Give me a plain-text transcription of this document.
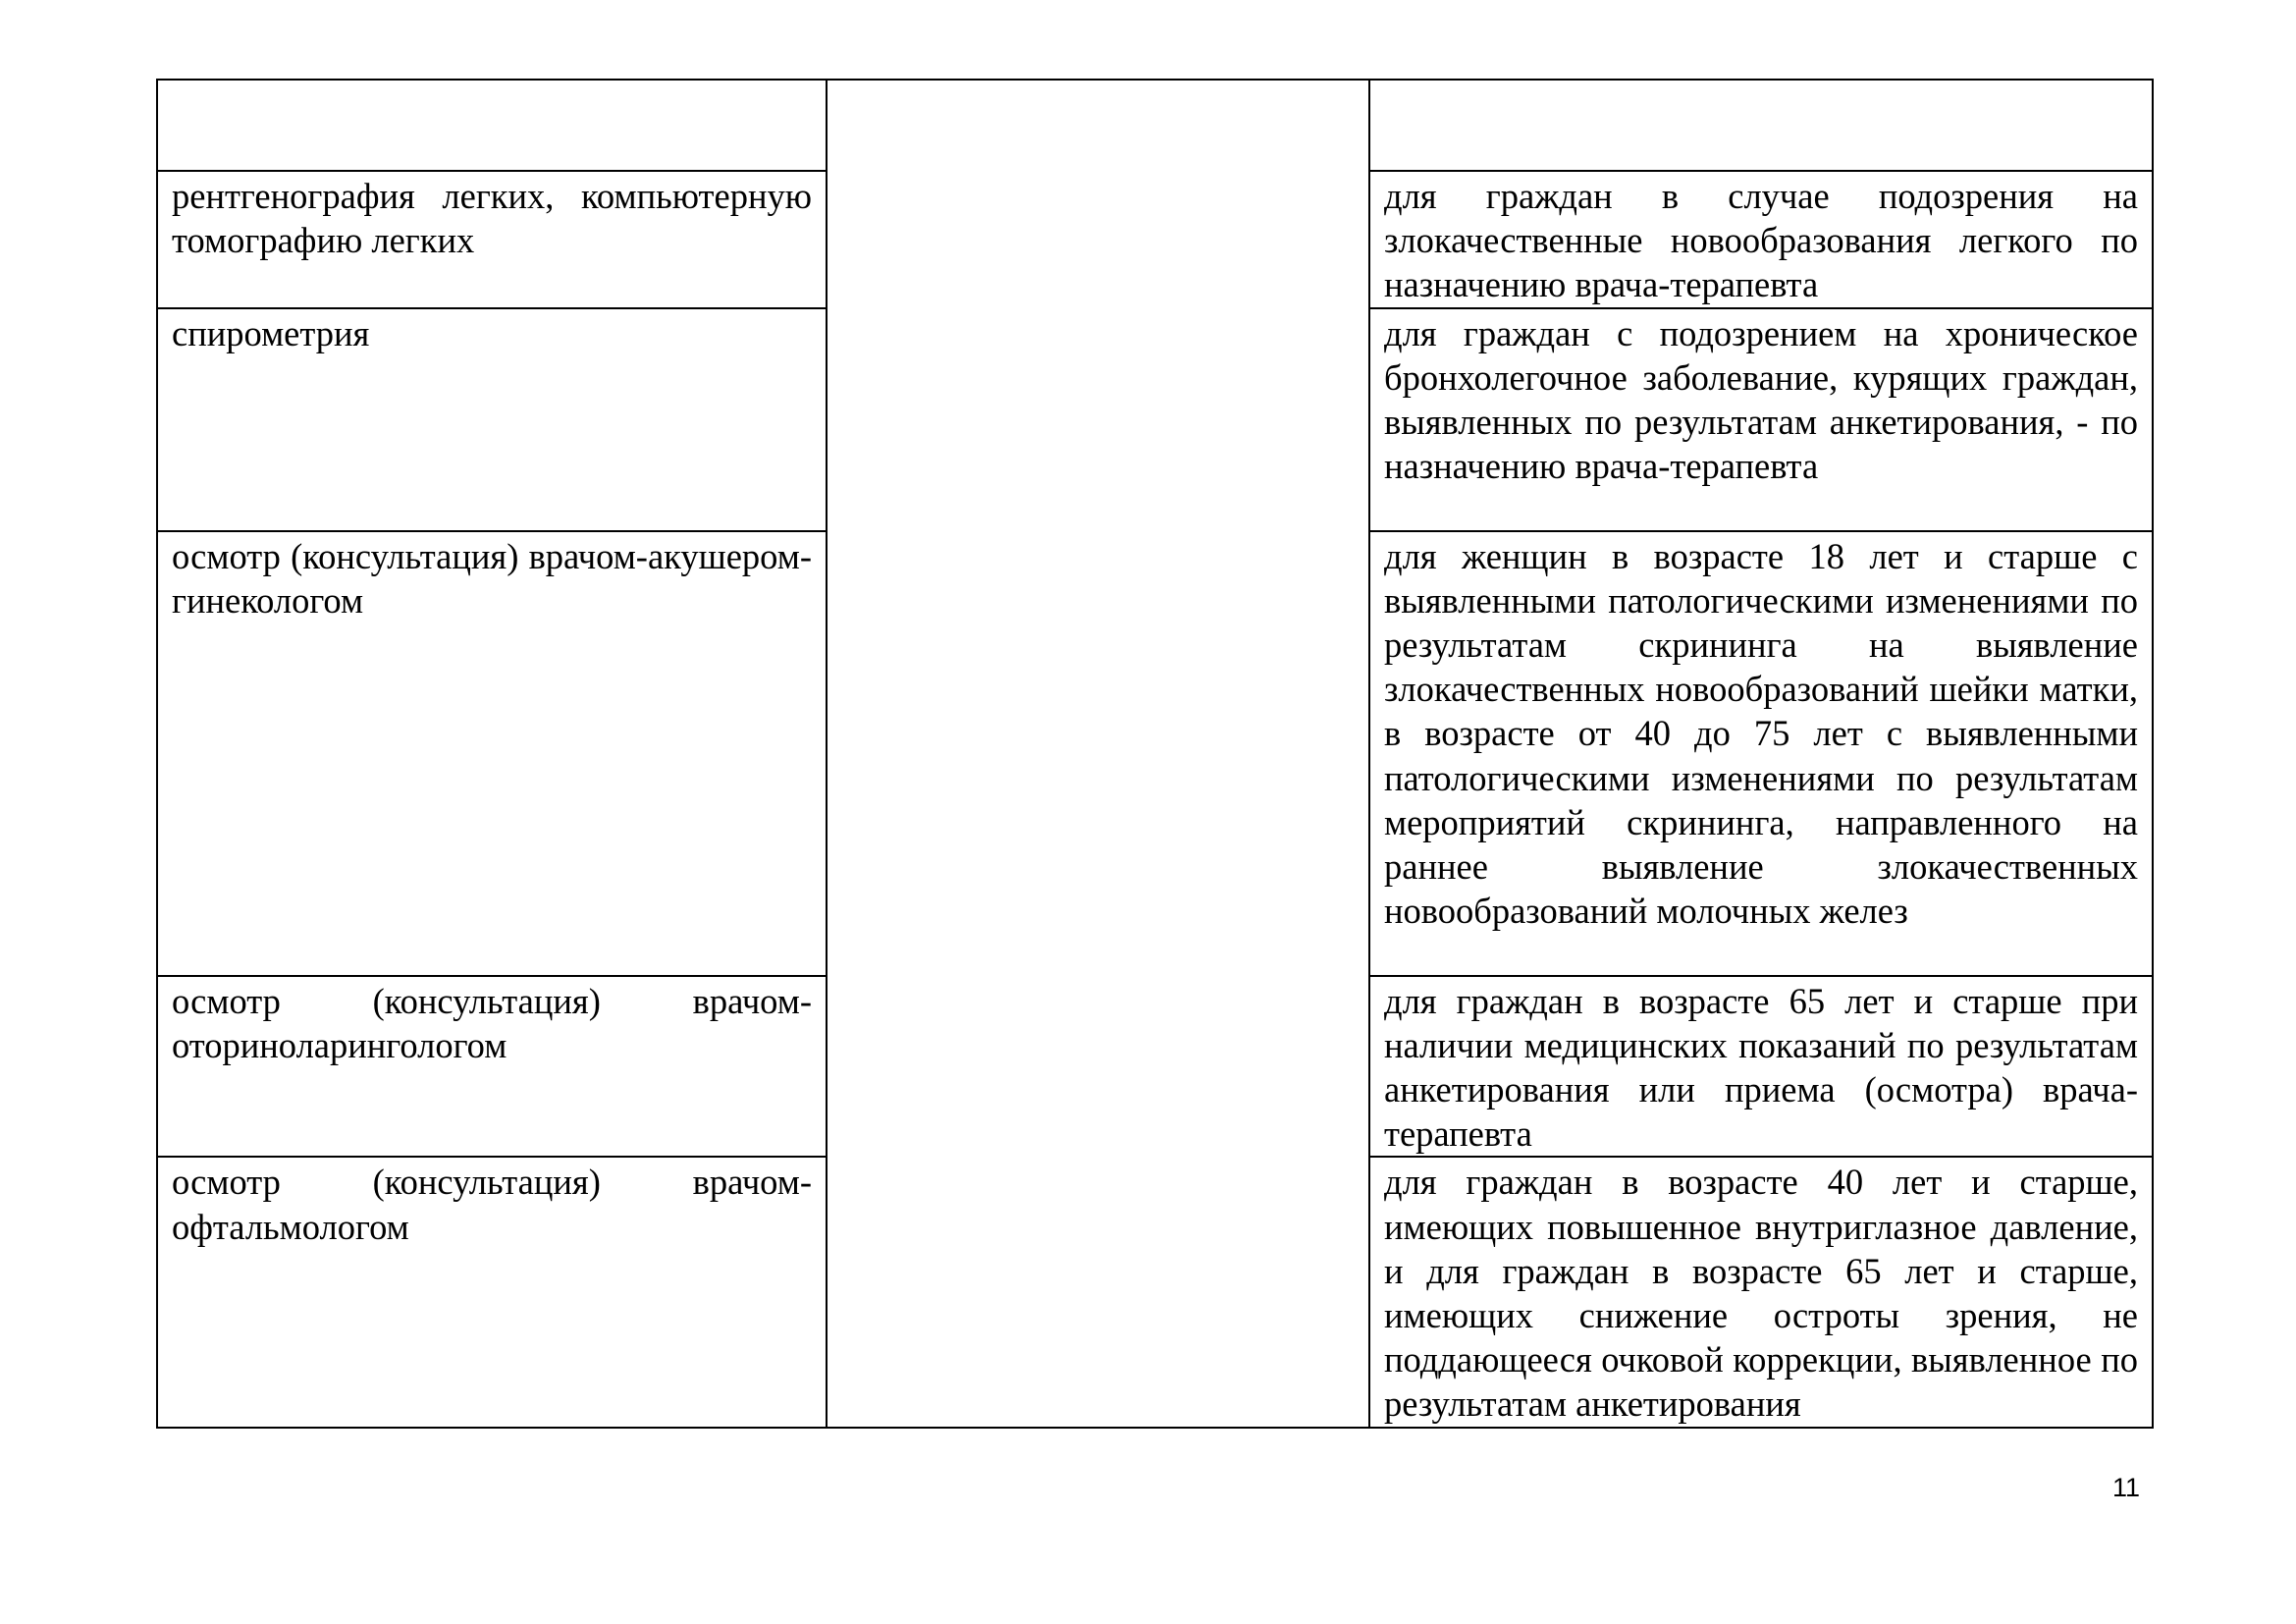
рентгенография легких, компьютерную томографию легких		для граждан в случае подозрения на злокачественные новообразования легкого по назначению врача-терапевта

спирометрия		для граждан с подозрением на хроническое бронхолегочное заболевание, курящих граждан, выявленных по результатам анкетирования, - по назначению врача-терапевта

осмотр (консультация) врачом-акушером-гинекологом		для женщин в возрасте 18 лет и старше с выявленными патологическими изменениями по результатам скрининга на выявление злокачественных новообразований шейки матки, в возрасте от 40 до 75 лет с выявленными патологическими изменениями по результатам мероприятий скрининга, направленного на раннее выявление злокачественных новообразований молочных желез

осмотр (консультация) врачом-оториноларингологом		для граждан в возрасте 65 лет и старше при наличии медицинских показаний по результатам анкетирования или приема (осмотра) врача-терапевта

осмотр (консультация) врачом-офтальмологом		для граждан в возрасте 40 лет и старше, имеющих повышенное внутриглазное давление, и для граждан в возрасте 65 лет и старше, имеющих снижение остроты зрения, не поддающееся очковой коррекции, выявленное по результатам анкетирования
11
